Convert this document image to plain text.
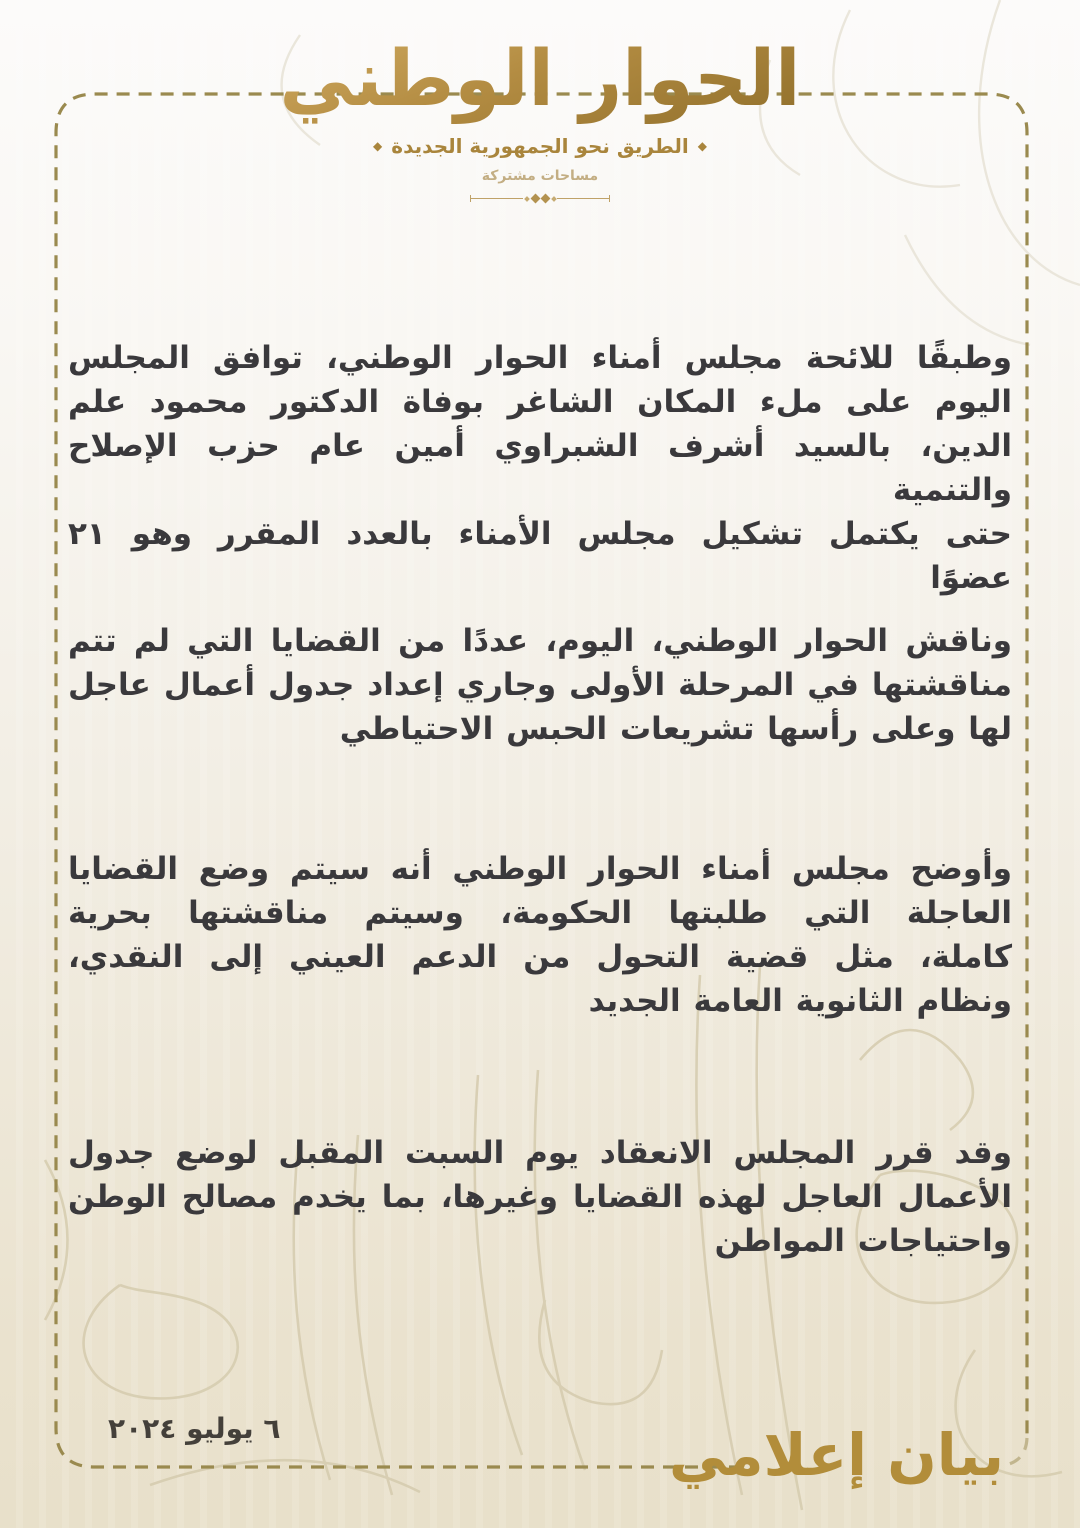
الحوار الوطني
◆
الطريق نحو الجمهورية الجديدة
◆
مساحات مشتركة
وطبقًا للائحة مجلس أمناء الحوار الوطني، توافق المجلس
اليوم على ملء المكان الشاغر بوفاة الدكتور محمود علم
الدين، بالسيد أشرف الشبراوي أمين عام حزب الإصلاح والتنمية
حتى يكتمل تشكيل مجلس الأمناء بالعدد المقرر وهو ٢١
عضوًا
وناقش الحوار الوطني، اليوم، عددًا من القضايا التي لم تتم
مناقشتها في المرحلة الأولى وجاري إعداد جدول أعمال عاجل
لها وعلى رأسها تشريعات الحبس الاحتياطي
وأوضح مجلس أمناء الحوار الوطني أنه سيتم وضع القضايا
العاجلة التي طلبتها الحكومة، وسيتم مناقشتها بحرية
كاملة، مثل قضية التحول من الدعم العيني إلى النقدي،
ونظام الثانوية العامة الجديد
وقد قرر المجلس الانعقاد يوم السبت المقبل لوضع جدول
الأعمال العاجل لهذه القضايا وغيرها، بما يخدم مصالح الوطن
واحتياجات المواطن
٦ يوليو ٢٠٢٤	بيان إعلامي
